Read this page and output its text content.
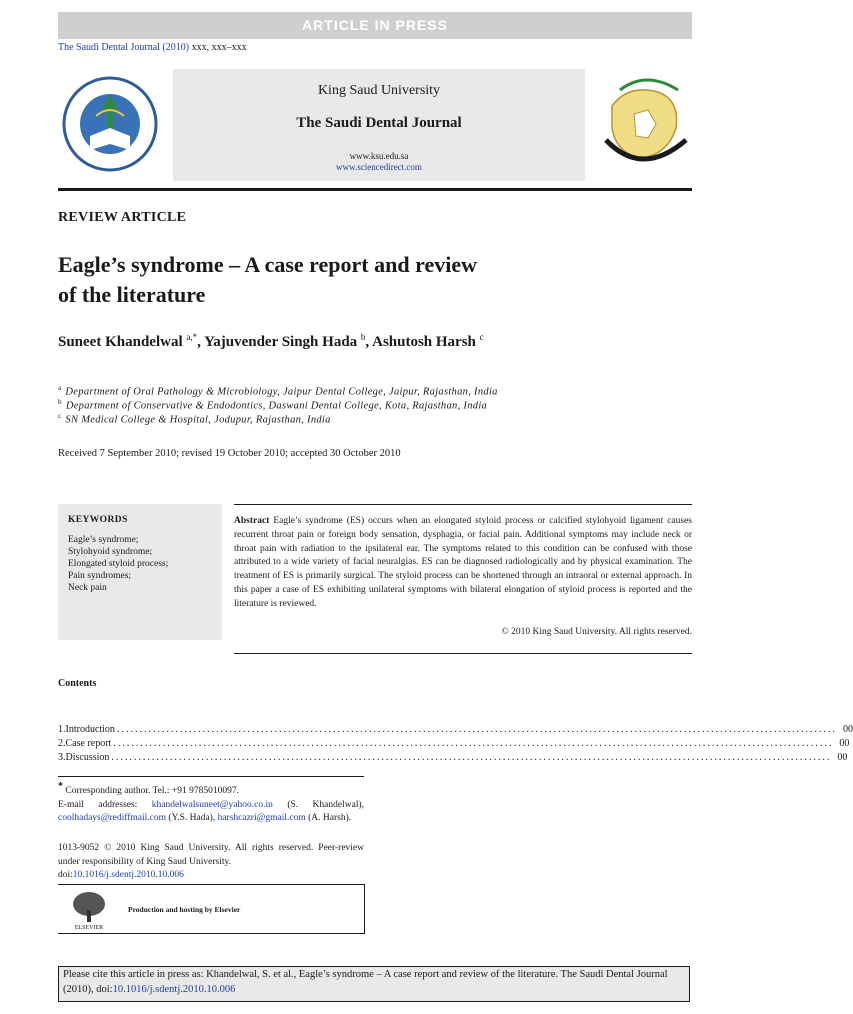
ARTICLE IN PRESS
The Saudi Dental Journal (2010) xxx, xxx–xxx
King Saud University
The Saudi Dental Journal
www.ksu.edu.sa
www.sciencedirect.com
REVIEW ARTICLE
Eagle’s syndrome – A case report and review
of the literature
Suneet Khandelwal $^{a,*}$, Yajuvender Singh Hada $^b$, Ashutosh Harsh $^c$
$^a$ Department of Oral Pathology & Microbiology, Jaipur Dental College, Jaipur, Rajasthan, India
$^b$ Department of Conservative & Endodontics, Daswani Dental College, Kota, Rajasthan, India
$^c$ SN Medical College & Hospital, Jodupur, Rajasthan, India
Received 7 September 2010; revised 19 October 2010; accepted 30 October 2010
KEYWORDS
Eagle’s syndrome;
Stylohyoid syndrome;
Elongated styloid process;
Pain syndromes;
Neck pain
Abstract Eagle’s syndrome (ES) occurs when an elongated styloid process or calcified stylohyoid ligament causes recurrent throat pain or foreign body sensation, dysphagia, or facial pain. Additional symptoms may include neck or throat pain with radiation to the ipsilateral ear. The symptoms related to this condition can be confused with those attributed to a wide variety of facial neuralgias. ES can be diagnosed radiologically and by physical examination. The treatment of ES is primarily surgical. The styloid process can be shortened through an intraoral or external approach. In this paper a case of ES exhibiting unilateral symptoms with bilateral elongation of styloid process is reported and the literature is reviewed.
© 2010 King Saud University. All rights reserved.
Contents
1. Introduction ................................................................................................................................................................ 00
2. Case report ................................................................................................................................................................ 00
3. Discussion ................................................................................................................................................................ 00
* Corresponding author. Tel.: +91 9785010097.
E-mail addresses: khandelwalsuneet@yahoo.co.in (S. Khandelwal), coolhadays@rediffmail.com (Y.S. Hada), harshcazri@gmail.com (A. Harsh).
1013-9052 © 2010 King Saud University. All rights reserved. Peer-review under responsibility of King Saud University.
doi:10.1016/j.sdentj.2010.10.006
ELSEVIER
Production and hosting by Elsevier
Please cite this article in press as: Khandelwal, S. et al., Eagle’s syndrome – A case report and review of the literature. The Saudi Dental Journal (2010), doi:10.1016/j.sdentj.2010.10.006
